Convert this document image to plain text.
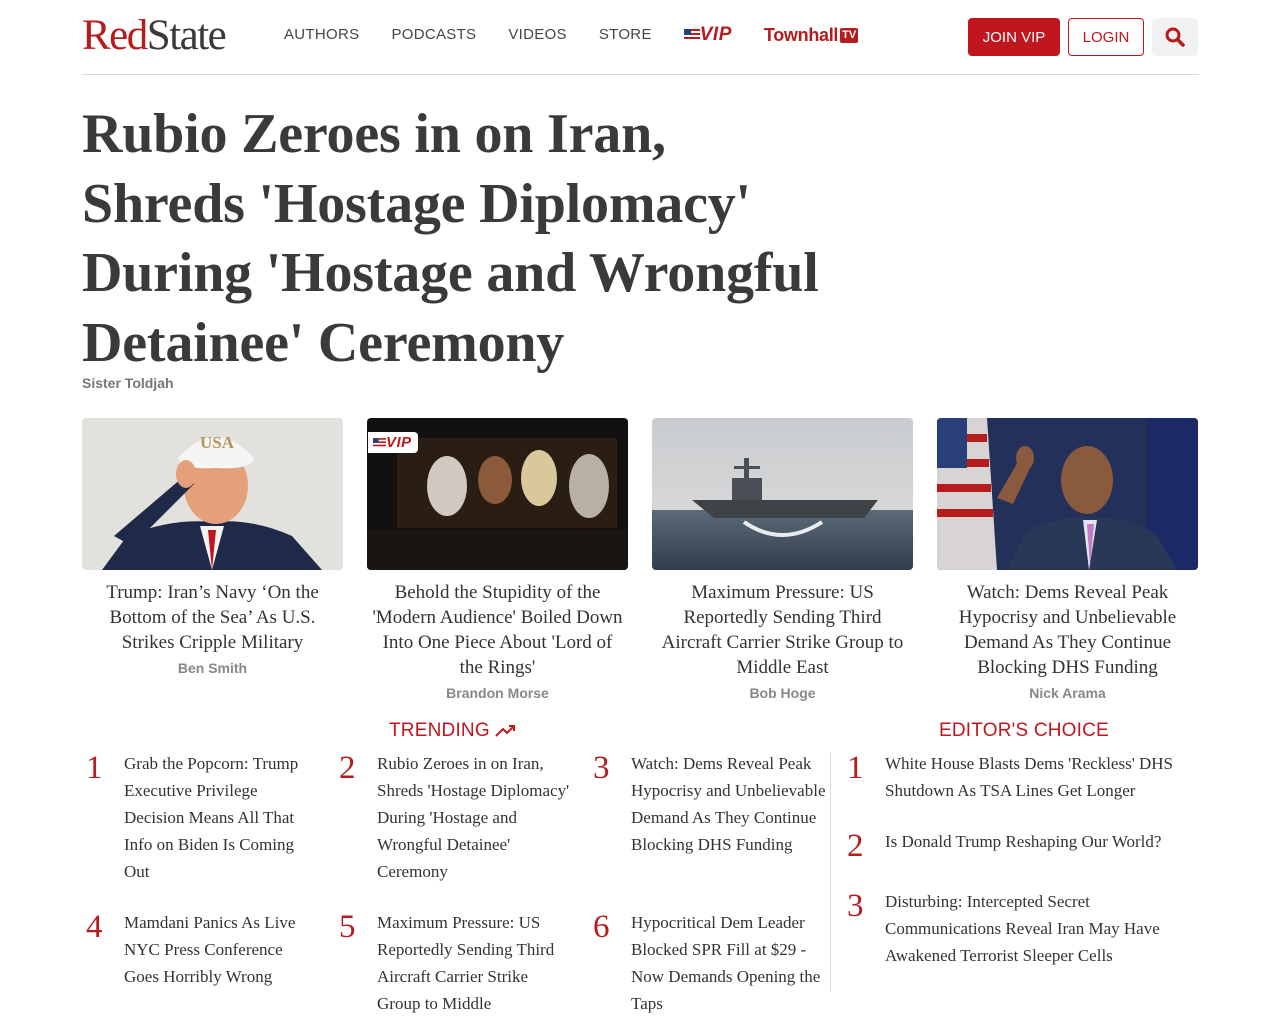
RedState	AUTHORS PODCASTS VIDEOS STORE	VIP Townhall TV	JOIN VIP	LOGIN
Rubio Zeroes in on Iran, Shreds 'Hostage Diplomacy' During 'Hostage and Wrongful Detainee' Ceremony
Sister Toldjah
USA
Trump: Iran’s Navy ‘On the Bottom of the Sea’ As U.S. Strikes Cripple Military
Ben Smith
VIP
Behold the Stupidity of the 'Modern Audience' Boiled Down Into One Piece About 'Lord of the Rings'
Brandon Morse
Maximum Pressure: US Reportedly Sending Third Aircraft Carrier Strike Group to Middle East
Bob Hoge
Watch: Dems Reveal Peak Hypocrisy and Unbelievable Demand As They Continue Blocking DHS Funding
Nick Arama
TRENDING
1 Grab the Popcorn: Trump Executive Privilege Decision Means All That Info on Biden Is Coming Out
2 Rubio Zeroes in on Iran, Shreds 'Hostage Diplomacy' During 'Hostage and Wrongful Detainee' Ceremony
3 Watch: Dems Reveal Peak Hypocrisy and Unbelievable Demand As They Continue Blocking DHS Funding
4 Mamdani Panics As Live NYC Press Conference Goes Horribly Wrong
5 Maximum Pressure: US Reportedly Sending Third Aircraft Carrier Strike Group to Middle
6 Hypocritical Dem Leader Blocked SPR Fill at $29 - Now Demands Opening the Taps
EDITOR'S CHOICE
1 White House Blasts Dems 'Reckless' DHS Shutdown As TSA Lines Get Longer
2 Is Donald Trump Reshaping Our World?
3 Disturbing: Intercepted Secret Communications Reveal Iran May Have Awakened Terrorist Sleeper Cells
